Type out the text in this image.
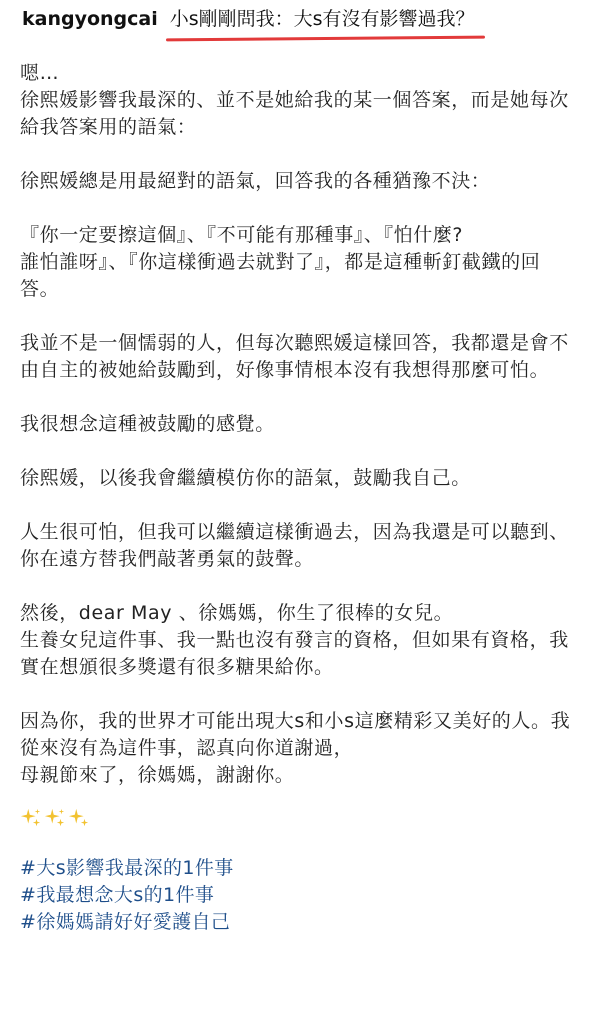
kangyongcai 小s剛剛問我：大s有沒有影響過我？

嗯…
徐熙媛影響我最深的、並不是她給我的某一個答案，而是她每次給我答案用的語氣：

徐熙媛總是用最絕對的語氣，回答我的各種猶豫不決：

『你一定要擦這個』、『不可能有那種事』、『怕什麼?
誰怕誰呀』、『你這樣衝過去就對了』，都是這種斬釘截鐵的回答。

我並不是一個懦弱的人，但每次聽熙媛這樣回答，我都還是會不由自主的被她給鼓勵到，好像事情根本沒有我想得那麼可怕。

我很想念這種被鼓勵的感覺。

徐熙媛，以後我會繼續模仿你的語氣，鼓勵我自己。

人生很可怕，但我可以繼續這樣衝過去，因為我還是可以聽到、你在遠方替我們敲著勇氣的鼓聲。

然後，dear May 、徐媽媽，你生了很棒的女兒。
生養女兒這件事、我一點也沒有發言的資格，但如果有資格，我實在想頒很多獎還有很多糖果給你。

因為你，我的世界才可能出現大s和小s這麼精彩又美好的人。我從來沒有為這件事，認真向你道謝過，
母親節來了，徐媽媽，謝謝你。

#大s影響我最深的1件事
#我最想念大s的1件事
#徐媽媽請好好愛護自己
